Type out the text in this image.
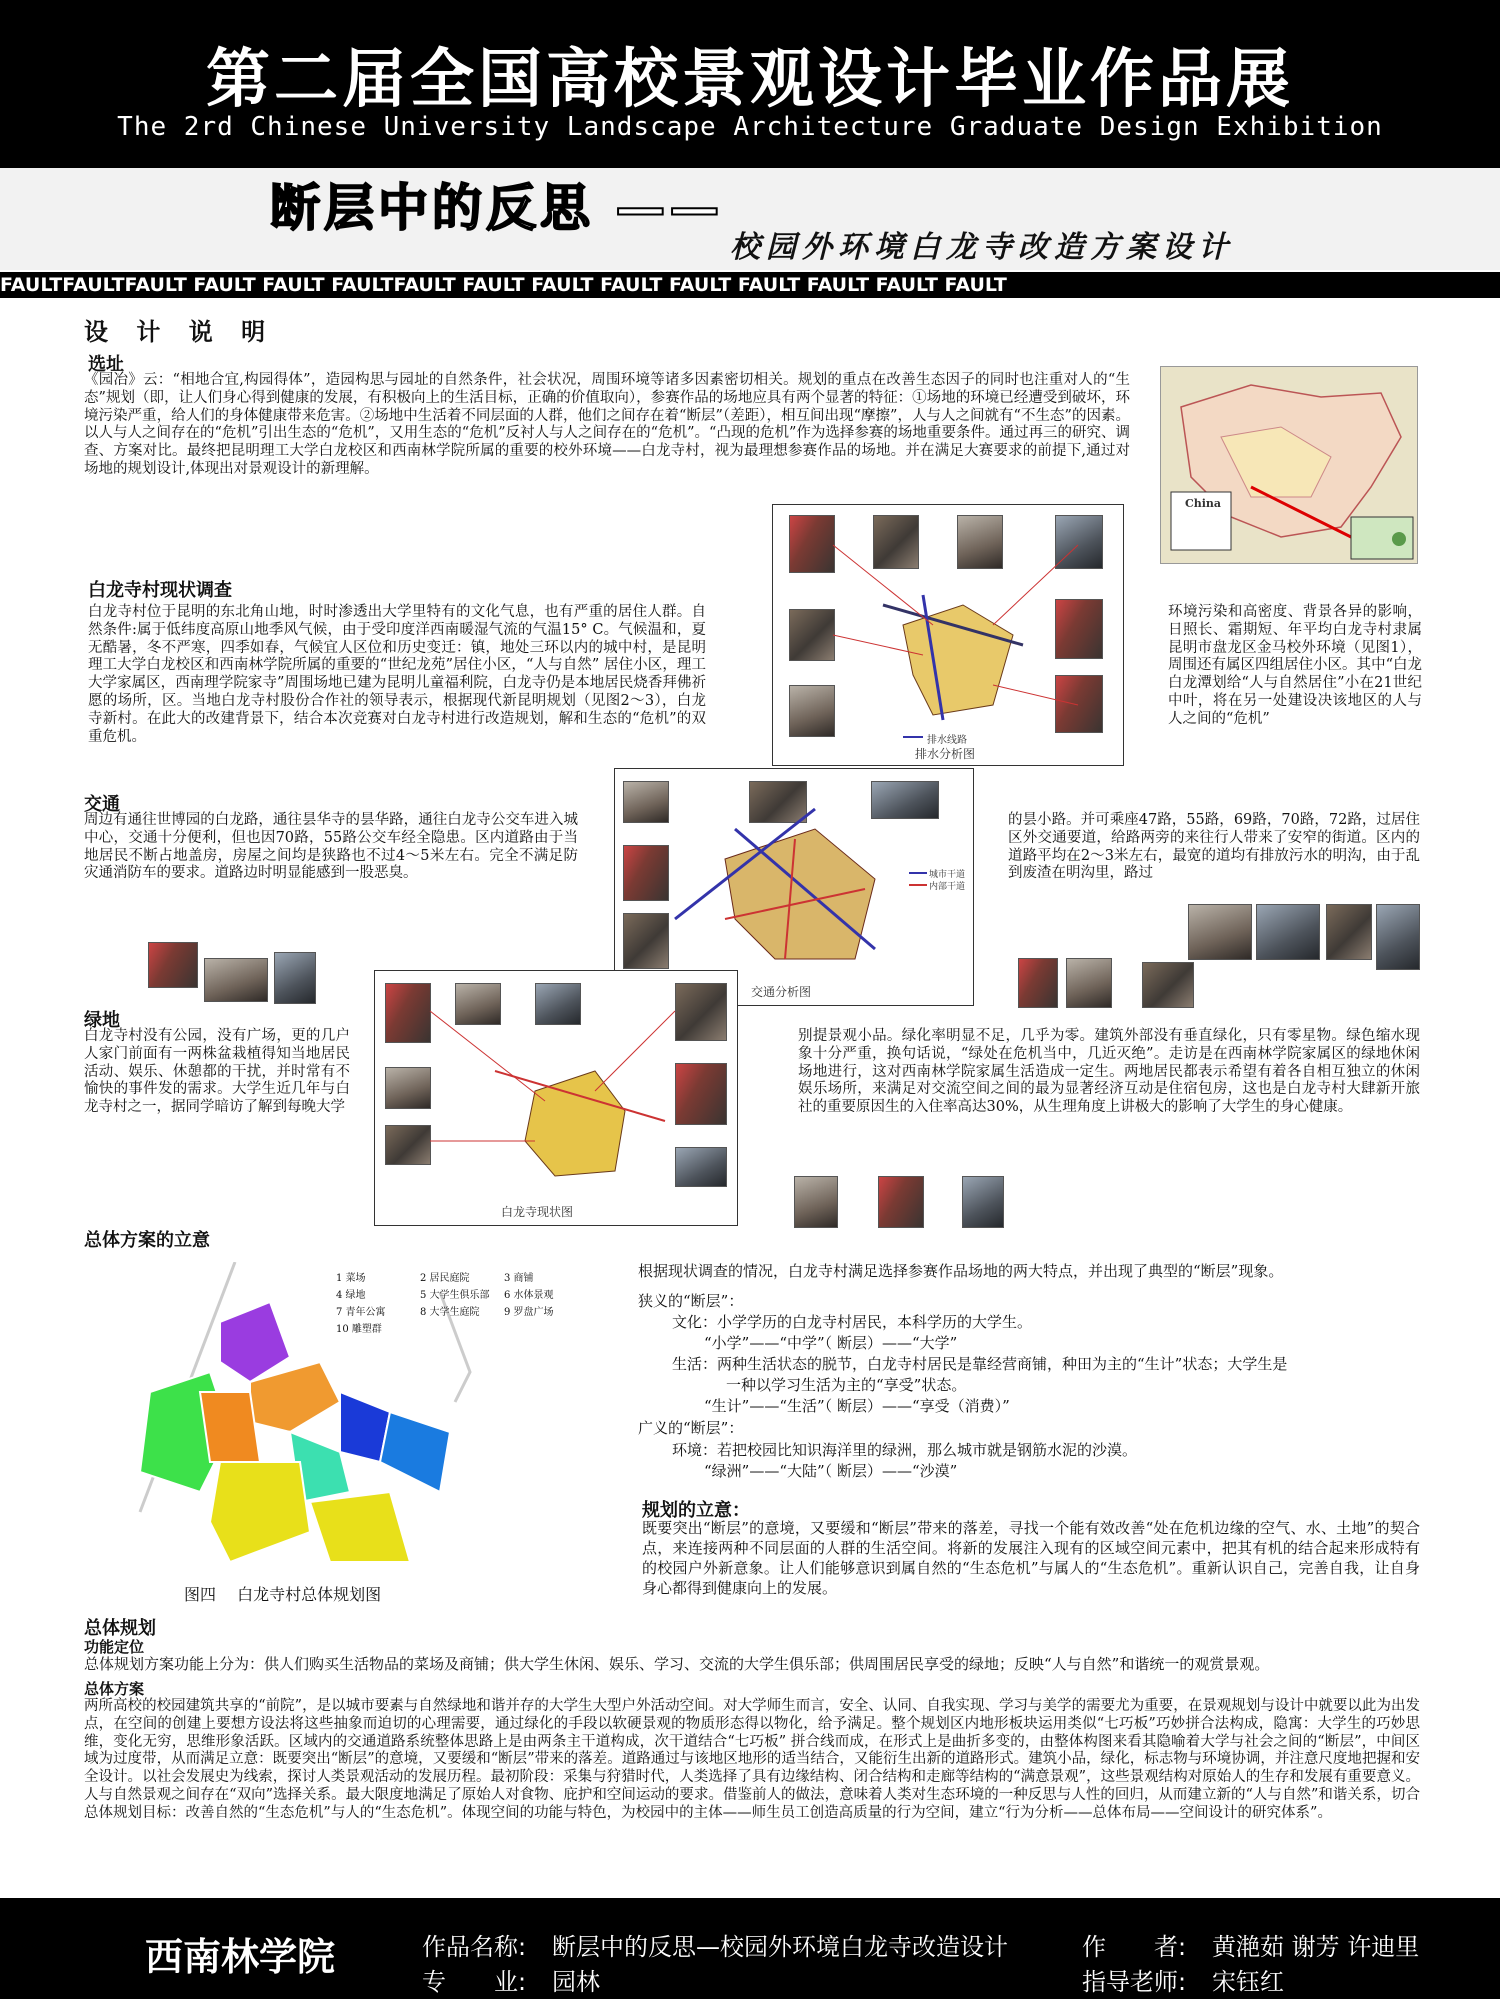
第二届全国高校景观设计毕业作品展
The 2rd Chinese University Landscape Architecture Graduate Design Exhibition
断层中的反思 ——
校园外环境白龙寺改造方案设计
FAULTFAULTFAULT FAULT FAULT FAULTFAULT FAULT FAULT FAULT FAULT FAULT FAULT FAULT FAULT
设 计 说 明
选址
《园冶》云：“相地合宜,构园得体”，造园构思与园址的自然条件，社会状况，周围环境等诸多因素密切相关。规划的重点在改善生态因子的同时也注重对人的“生态”规划（即，让人们身心得到健康的发展，有积极向上的生活目标，正确的价值取向），参赛作品的场地应具有两个显著的特征：①场地的环境已经遭受到破坏，环境污染严重，给人们的身体健康带来危害。②场地中生活着不同层面的人群，他们之间存在着“断层”（差距），相互间出现“摩擦”，人与人之间就有“不生态”的因素。以人与人之间存在的“危机”引出生态的“危机”，又用生态的“危机”反衬人与人之间存在的“危机”。“凸现的危机”作为选择参赛的场地重要条件。通过再三的研究、调查、方案对比。最终把昆明理工大学白龙校区和西南林学院所属的重要的校外环境——白龙寺村，视为最理想参赛作品的场地。并在满足大赛要求的前提下,通过对场地的规划设计,体现出对景观设计的新理解。
China
白龙寺村现状调查
白龙寺村位于昆明的东北角山地，时时渗透出大学里特有的文化气息，也有严重的居住人群。自然条件:属于低纬度高原山地季风气候，由于受印度洋西南暖湿气流的气温15° C。气候温和，夏无酷暑，冬不严寒，四季如春，气候宜人区位和历史变迁：镇，地处三环以内的城中村，是昆明理工大学白龙校区和西南林学院所属的重要的“世纪龙苑”居住小区，“人与自然” 居住小区，理工大学家属区，西南理学院家寺”周围场地已建为昆明儿童福利院，白龙寺仍是本地居民烧香拜佛祈愿的场所，区。当地白龙寺村股份合作社的领导表示，根据现代新昆明规划（见图2～3），白龙寺新村。在此大的改建背景下，结合本次竞赛对白龙寺村进行改造规划，解和生态的“危机”的双重危机。
环境污染和高密度、背景各异的影响，日照长、霜期短、年平均白龙寺村隶属昆明市盘龙区金马校外环境（见图1），周围还有属区四组居住小区。其中“白龙白龙潭划给“人与自然居住”小在21世纪中叶，将在另一处建设决该地区的人与人之间的“危机”
排水线路
排水分析图
交通
周边有通往世博园的白龙路，通往昙华寺的昙华路，通往白龙寺公交车进入城中心，交通十分便利，但也因70路，55路公交车经全隐患。区内道路由于当地居民不断占地盖房，房屋之间均是狭路也不过4～5米左右。完全不满足防灾通消防车的要求。道路边时明显能感到一股恶臭。
的昙小路。并可乘座47路，55路，69路，70路，72路，过居住区外交通要道，给路两旁的来往行人带来了安窄的街道。区内的道路平均在2～3米左右，最宽的道均有排放污水的明沟，由于乱到废渣在明沟里，路过
城市干道
内部干道
交通分析图
绿地
白龙寺村没有公园，没有广场，更的几户人家门前面有一两株盆栽植得知当地居民活动、娱乐、休憩都的干扰，并时常有不愉快的事件发的需求。大学生近几年与白龙寺村之一，据同学暗访了解到每晚大学
别提景观小品。绿化率明显不足，几乎为零。建筑外部没有垂直绿化，只有零星物。绿色缩水现象十分严重，换句话说，“绿处在危机当中，几近灭绝”。走访是在西南林学院家属区的绿地休闲场地进行，这对西南林学院家属生活造成一定生。两地居民都表示希望有着各自相互独立的休闲娱乐场所，来满足对交流空间之间的最为显著经济互动是住宿包房，这也是白龙寺村大肆新开旅社的重要原因生的入住率高达30%，从生理角度上讲极大的影响了大学生的身心健康。
白龙寺现状图
总体方案的立意
1 菜场	2 居民庭院	3 商铺
4 绿地	5 大学生俱乐部 6 水体景观
7 青年公寓	8 大学生庭院 9 罗盘广场
10 雕塑群
图四　 白龙寺村总体规划图
根据现状调查的情况，白龙寺村满足选择参赛作品场地的两大特点，并出现了典型的“断层”现象。
狭义的“断层”：
文化：小学学历的白龙寺村居民，本科学历的大学生。
“小学”——“中学”（ 断层）——“大学”
生活：两种生活状态的脱节，白龙寺村居民是靠经营商铺，种田为主的“生计”状态；大学生是
一种以学习生活为主的“享受”状态。
“生计”——“生活”（ 断层）——“享受（消费）”
广义的“断层”：
环境：若把校园比知识海洋里的绿洲，那么城市就是钢筋水泥的沙漠。
“绿洲”——“大陆”（ 断层）——“沙漠”
规划的立意：
既要突出“断层”的意境，又要缓和“断层”带来的落差，寻找一个能有效改善“处在危机边缘的空气、水、土地”的契合点，来连接两种不同层面的人群的生活空间。将新的发展注入现有的区域空间元素中，把其有机的结合起来形成特有的校园户外新意象。让人们能够意识到属自然的“生态危机”与属人的“生态危机”。重新认识自己，完善自我，让自身身心都得到健康向上的发展。
总体规划
功能定位
总体规划方案功能上分为：供人们购买生活物品的菜场及商铺；供大学生休闲、娱乐、学习、交流的大学生俱乐部；供周围居民享受的绿地；反映“人与自然”和谐统一的观赏景观。
总体方案
两所高校的校园建筑共享的“前院”，是以城市要素与自然绿地和谐并存的大学生大型户外活动空间。对大学师生而言，安全、认同、自我实现、学习与美学的需要尤为重要，在景观规划与设计中就要以此为出发点，在空间的创建上要想方设法将这些抽象而迫切的心理需要，通过绿化的手段以软硬景观的物质形态得以物化，给予满足。整个规划区内地形板块运用类似“七巧板”巧妙拼合法构成，隐寓：大学生的巧妙思维，变化无穷，思维形象活跃。区域内的交通道路系统整体思路上是由两条主干道构成，次干道结合“七巧板” 拼合线而成，在形式上是曲折多变的，由整体构图来看其隐喻着大学与社会之间的“断层”，中间区域为过度带，从而满足立意：既要突出“断层”的意境，又要缓和“断层”带来的落差。道路通过与该地区地形的适当结合，又能衍生出新的道路形式。建筑小品，绿化，标志物与环境协调，并注意尺度地把握和安全设计。以社会发展史为线索，探讨人类景观活动的发展历程。最初阶段：采集与狩猎时代，人类选择了具有边缘结构、闭合结构和走廊等结构的“满意景观”，这些景观结构对原始人的生存和发展有重要意义。人与自然景观之间存在“双向”选择关系。最大限度地满足了原始人对食物、庇护和空间运动的要求。借鉴前人的做法，意味着人类对生态环境的一种反思与人性的回归，从而建立新的“人与自然”和谐关系，切合总体规划目标：改善自然的“生态危机”与人的“生态危机”。体现空间的功能与特色，为校园中的主体——师生员工创造高质量的行为空间，建立“行为分析——总体布局——空间设计的研究体系”。
西南林学院	作品名称: 断层中的反思—校园外环境白龙寺改造设计	作　　者: 黄滟茹 谢芳 许迪里
专　　业: 园林	指导老师: 宋钰红
